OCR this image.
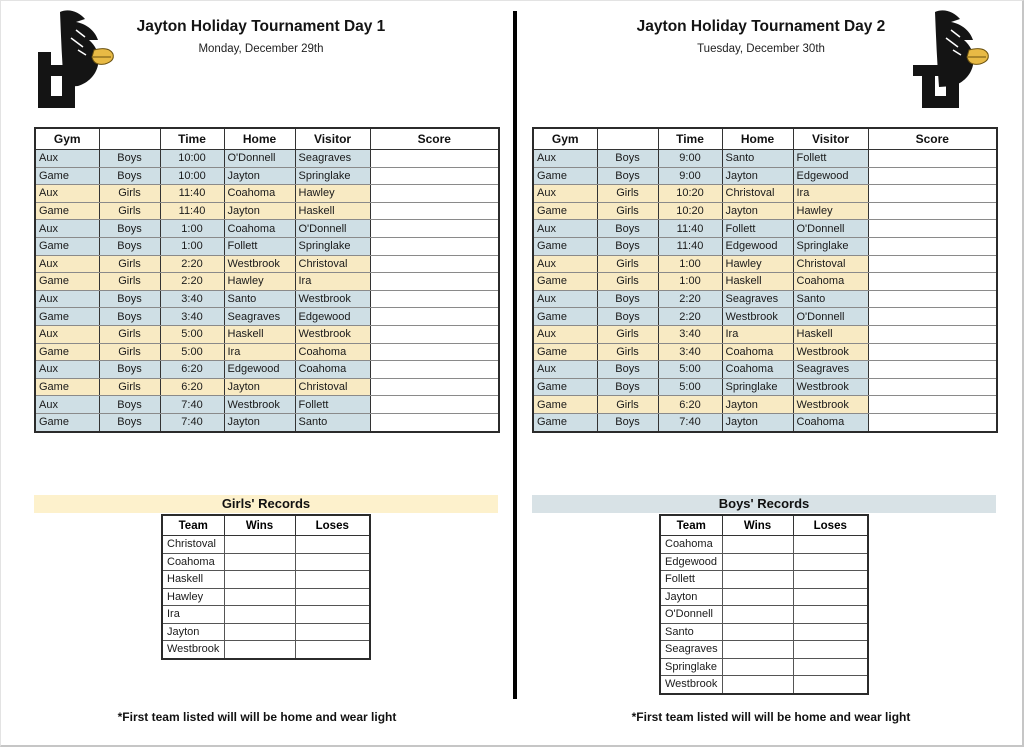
Jayton Holiday Tournament Day 1
Monday, December 29th
Gym		Time	Home	Visitor	Score
Aux	Boys	10:00	O'Donnell	Seagraves	
Game	Boys	10:00	Jayton	Springlake	
Aux	Girls	11:40	Coahoma	Hawley	
Game	Girls	11:40	Jayton	Haskell	
Aux	Boys	1:00	Coahoma	O'Donnell	
Game	Boys	1:00	Follett	Springlake	
Aux	Girls	2:20	Westbrook	Christoval	
Game	Girls	2:20	Hawley	Ira	
Aux	Boys	3:40	Santo	Westbrook	
Game	Boys	3:40	Seagraves	Edgewood	
Aux	Girls	5:00	Haskell	Westbrook	
Game	Girls	5:00	Ira	Coahoma	
Aux	Boys	6:20	Edgewood	Coahoma	
Game	Girls	6:20	Jayton	Christoval	
Aux	Boys	7:40	Westbrook	Follett	
Game	Boys	7:40	Jayton	Santo	
Girls' Records
Team	Wins	Loses
Christoval		
Coahoma		
Haskell		
Hawley		
Ira		
Jayton		
Westbrook		
*First team listed will will be home and wear light
Jayton Holiday Tournament Day 2
Tuesday, December 30th
Gym		Time	Home	Visitor	Score
Aux	Boys	9:00	Santo	Follett	
Game	Boys	9:00	Jayton	Edgewood	
Aux	Girls	10:20	Christoval	Ira	
Game	Girls	10:20	Jayton	Hawley	
Aux	Boys	11:40	Follett	O'Donnell	
Game	Boys	11:40	Edgewood	Springlake	
Aux	Girls	1:00	Hawley	Christoval	
Game	Girls	1:00	Haskell	Coahoma	
Aux	Boys	2:20	Seagraves	Santo	
Game	Boys	2:20	Westbrook	O'Donnell	
Aux	Girls	3:40	Ira	Haskell	
Game	Girls	3:40	Coahoma	Westbrook	
Aux	Boys	5:00	Coahoma	Seagraves	
Game	Boys	5:00	Springlake	Westbrook	
Game	Girls	6:20	Jayton	Westbrook	
Game	Boys	7:40	Jayton	Coahoma	
Boys' Records
Team	Wins	Loses
Coahoma		
Edgewood		
Follett		
Jayton		
O'Donnell		
Santo		
Seagraves		
Springlake		
Westbrook		
*First team listed will will be home and wear light
